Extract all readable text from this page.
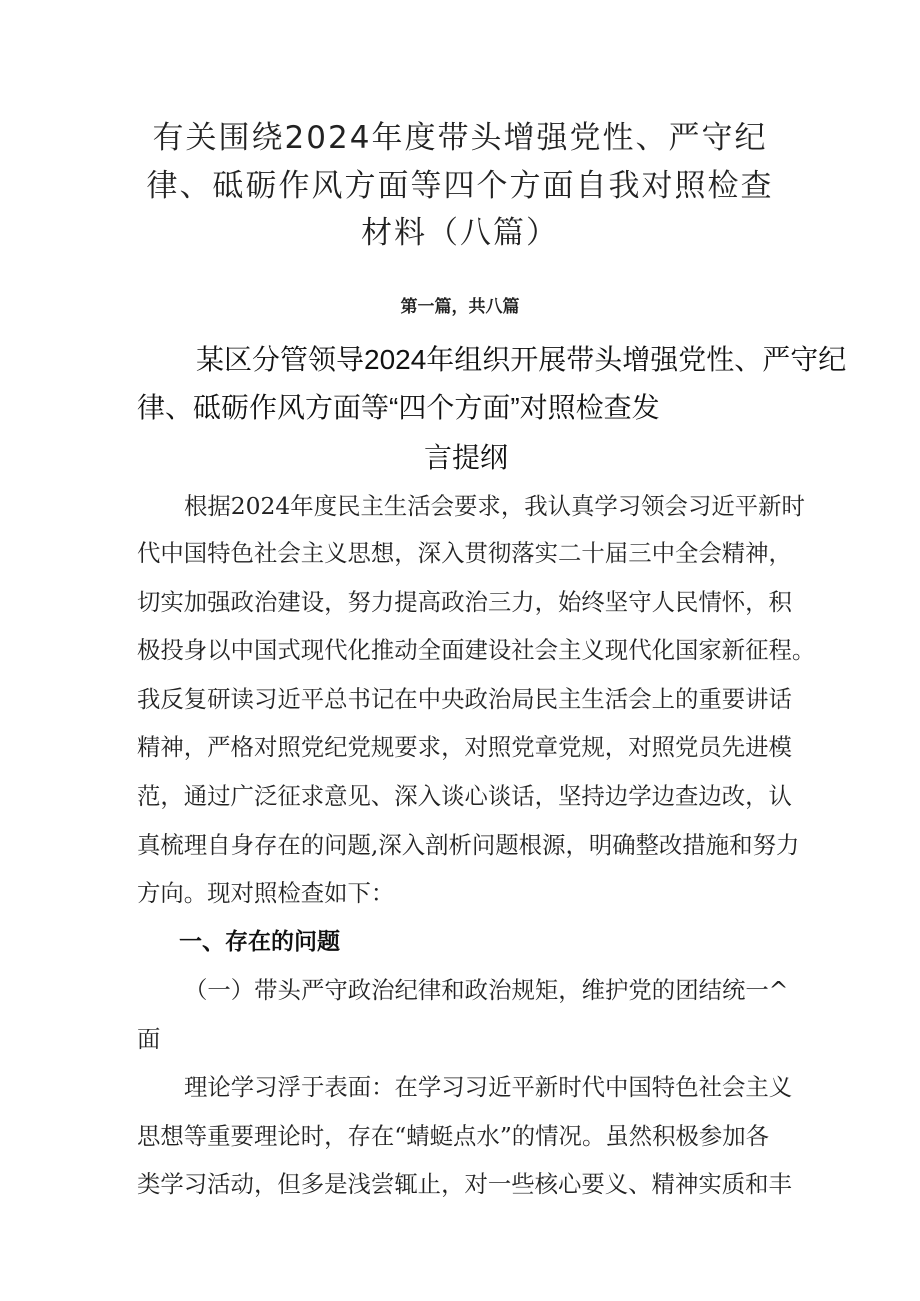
有关围绕2024年度带头增强党性、严守纪
律、砥砺作风方面等四个方面自我对照检查
材料（八篇）
第一篇，共八篇
某区分管领导2024年组织开展带头增强党性、严守纪
律、砥砺作风方面等“四个方面”对照检查发
言提纲
根据2024年度民主生活会要求，我认真学习领会习近平新时
代中国特色社会主义思想，深入贯彻落实二十届三中全会精神，
切实加强政治建设，努力提高政治三力，始终坚守人民情怀，积
极投身以中国式现代化推动全面建设社会主义现代化国家新征程。
我反复研读习近平总书记在中央政治局民主生活会上的重要讲话
精神，严格对照党纪党规要求，对照党章党规，对照党员先进模
范，通过广泛征求意见、深入谈心谈话，坚持边学边查边改，认
真梳理自身存在的问题,深入剖析问题根源，明确整改措施和努力
方向。现对照检查如下：
一、存在的问题
（一）带头严守政治纪律和政治规矩，维护党的团结统一^
面
理论学习浮于表面：在学习习近平新时代中国特色社会主义
思想等重要理论时，存在“蜻蜓点水”的情况。虽然积极参加各
类学习活动，但多是浅尝辄止，对一些核心要义、精神实质和丰
